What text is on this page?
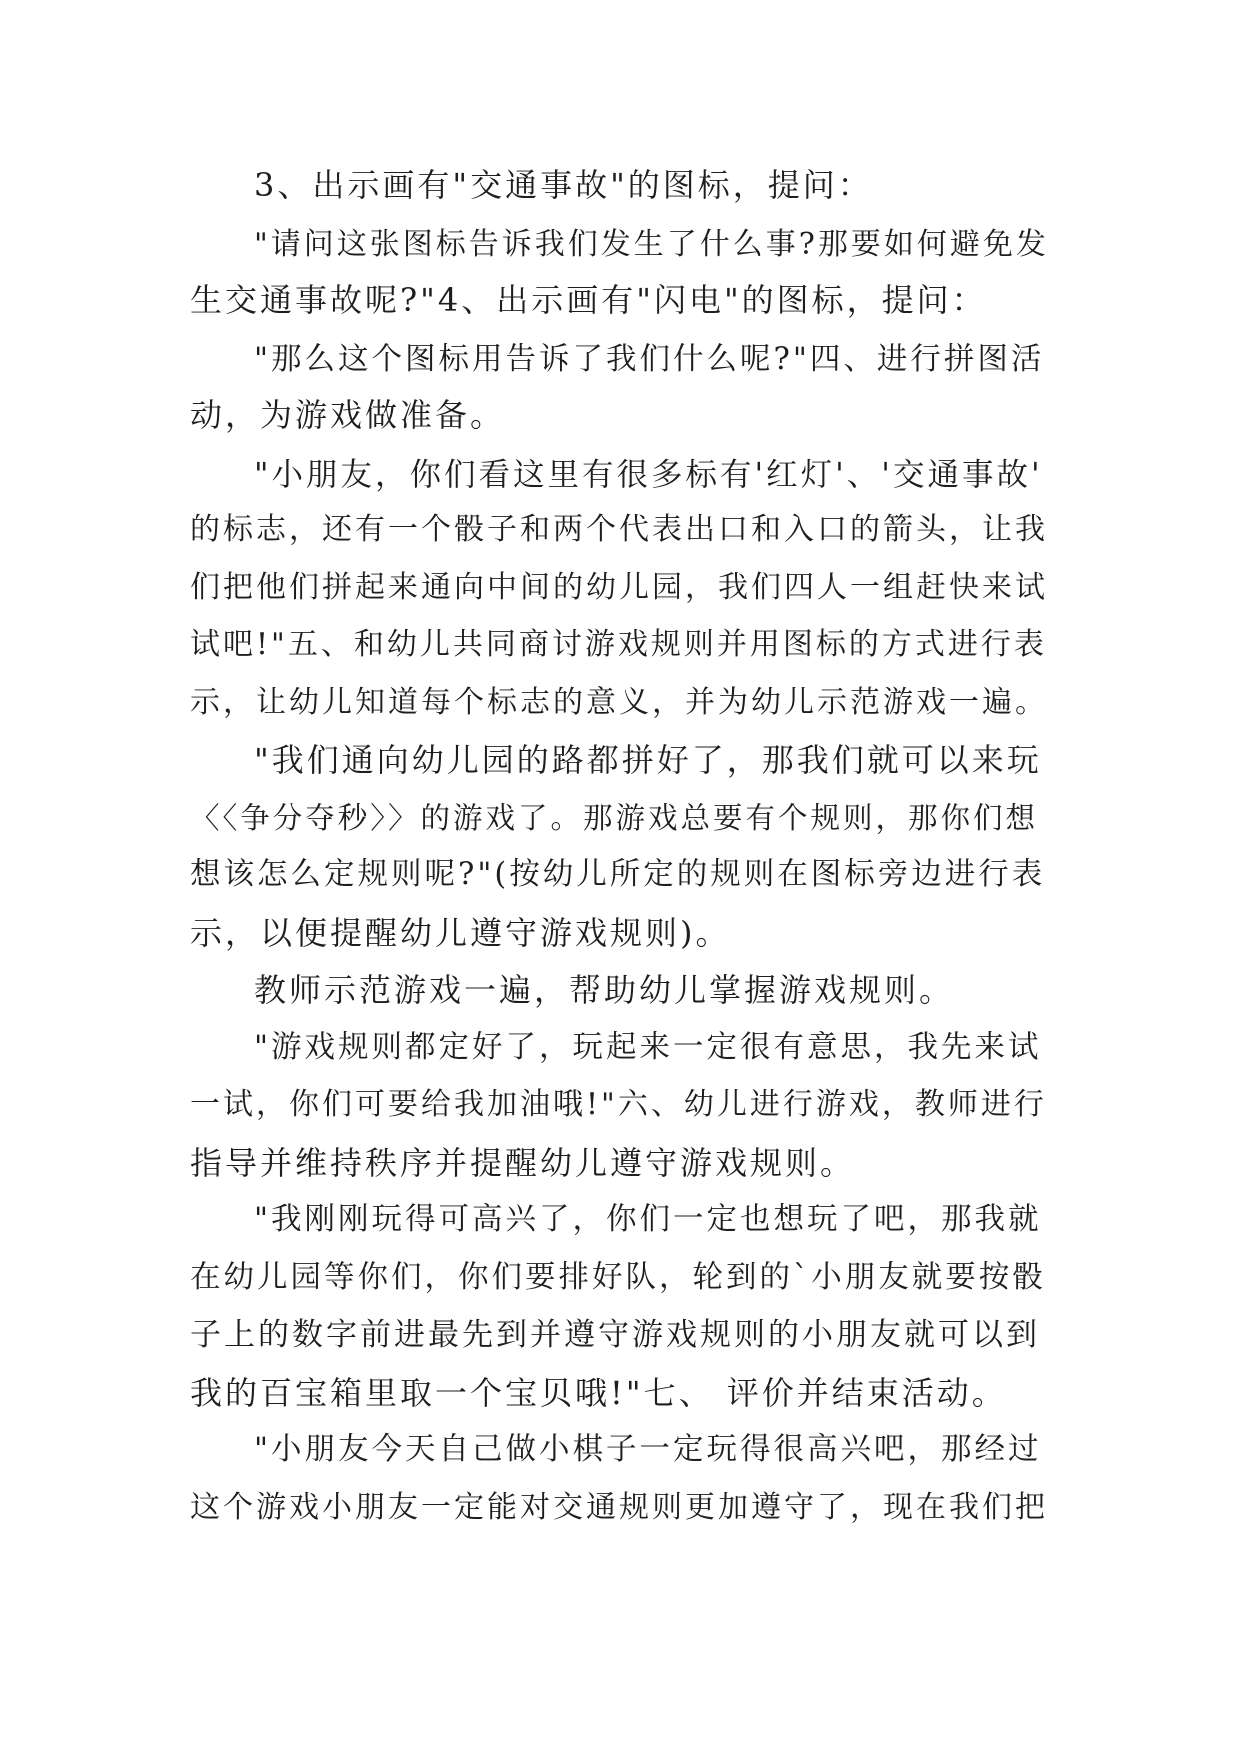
3、出示画有"交通事故"的图标，提问：
"请问这张图标告诉我们发生了什么事?那要如何避免发
生交通事故呢?"4、出示画有"闪电"的图标，提问：
"那么这个图标用告诉了我们什么呢?"四、进行拼图活
动，为游戏做准备。
"小朋友，你们看这里有很多标有'红灯'、'交通事故'
的标志，还有一个骰子和两个代表出口和入口的箭头，让我
们把他们拼起来通向中间的幼儿园，我们四人一组赶快来试
试吧!"五、和幼儿共同商讨游戏规则并用图标的方式进行表
示，让幼儿知道每个标志的意义，并为幼儿示范游戏一遍。
"我们通向幼儿园的路都拼好了，那我们就可以来玩
〈〈争分夺秒〉〉的游戏了。那游戏总要有个规则，那你们想
想该怎么定规则呢?"(按幼儿所定的规则在图标旁边进行表
示，以便提醒幼儿遵守游戏规则)。
教师示范游戏一遍，帮助幼儿掌握游戏规则。
"游戏规则都定好了，玩起来一定很有意思，我先来试
一试，你们可要给我加油哦!"六、幼儿进行游戏，教师进行
指导并维持秩序并提醒幼儿遵守游戏规则。
"我刚刚玩得可高兴了，你们一定也想玩了吧，那我就
在幼儿园等你们，你们要排好队，轮到的`小朋友就要按骰
子上的数字前进最先到并遵守游戏规则的小朋友就可以到
我的百宝箱里取一个宝贝哦!"七、 评价并结束活动。
"小朋友今天自己做小棋子一定玩得很高兴吧，那经过
这个游戏小朋友一定能对交通规则更加遵守了，现在我们把
